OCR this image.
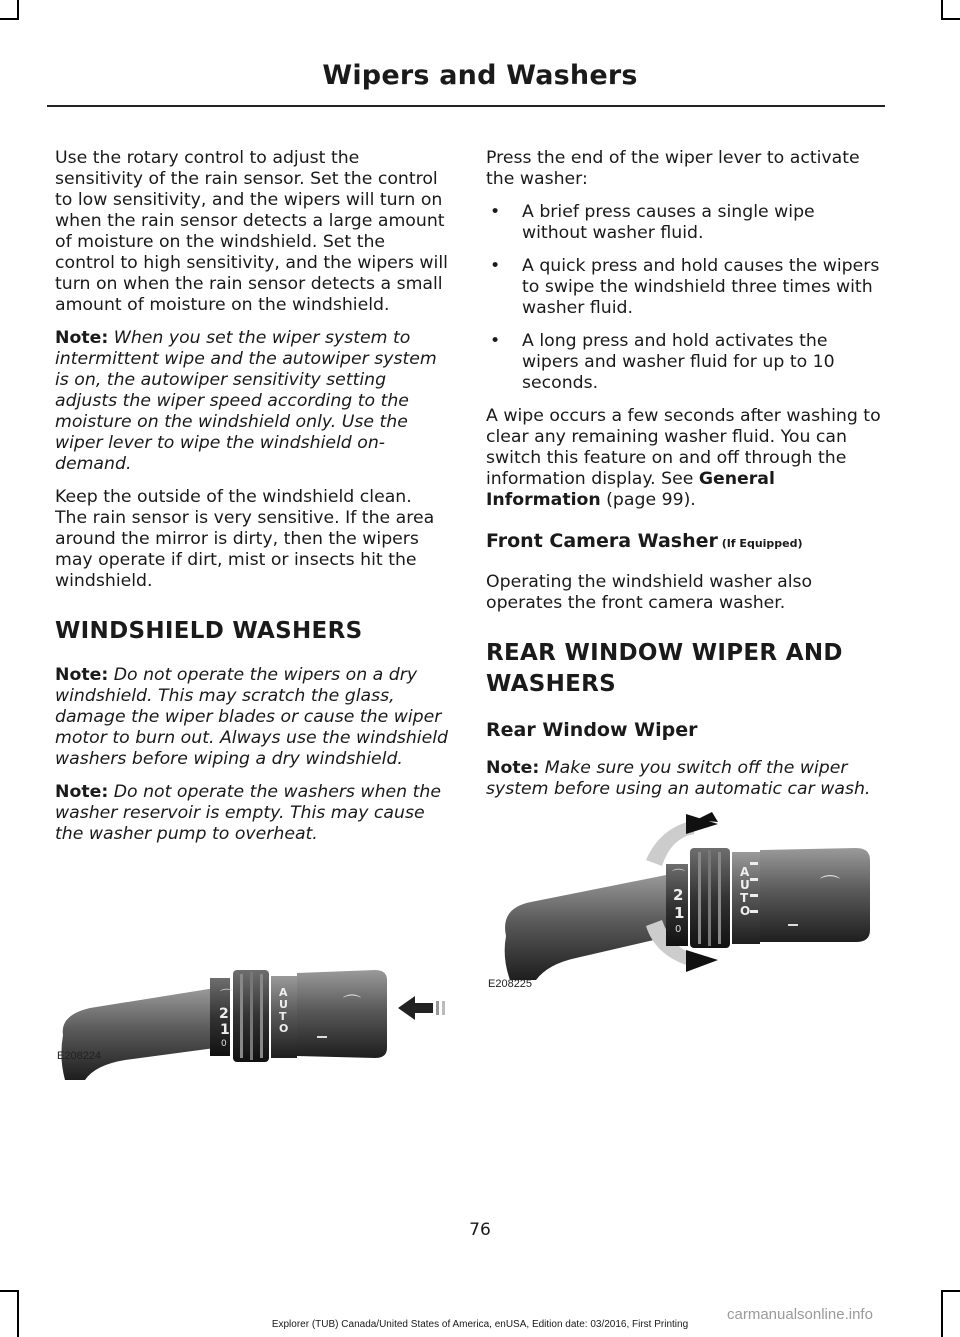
Wipers and Washers

Use the rotary control to adjust the sensitivity of the rain sensor. Set the control to low sensitivity, and the wipers will turn on when the rain sensor detects a large amount of moisture on the windshield. Set the control to high sensitivity, and the wipers will turn on when the rain sensor detects a small amount of moisture on the windshield.

Note: When you set the wiper system to intermittent wipe and the autowiper system is on, the autowiper sensitivity setting adjusts the wiper speed according to the moisture on the windshield only. Use the wiper lever to wipe the windshield on-demand.

Keep the outside of the windshield clean. The rain sensor is very sensitive. If the area around the mirror is dirty, then the wipers may operate if dirt, mist or insects hit the windshield.

WINDSHIELD WASHERS

Note: Do not operate the wipers on a dry windshield. This may scratch the glass, damage the wiper blades or cause the wiper motor to burn out. Always use the windshield washers before wiping a dry windshield.

Note: Do not operate the washers when the washer reservoir is empty. This may cause the washer pump to overheat.

⌒
2
1
0
A
U
T
O
⌒
E208224

Press the end of the wiper lever to activate the washer:

• A brief press causes a single wipe without washer fluid.
• A quick press and hold causes the wipers to swipe the windshield three times with washer fluid.
• A long press and hold activates the wipers and washer fluid for up to 10 seconds.

A wipe occurs a few seconds after washing to clear any remaining washer fluid. You can switch this feature on and off through the information display. See General Information (page 99).

Front Camera Washer (If Equipped)

Operating the windshield washer also operates the front camera washer.

REAR WINDOW WIPER AND WASHERS
Rear Window Wiper

Note: Make sure you switch off the wiper system before using an automatic car wash.

⌒
2
1
0
A
U
T
O
⌒
E208225
76
carmanualsonline.info
Explorer (TUB) Canada/United States of America, enUSA, Edition date: 03/2016, First Printing
